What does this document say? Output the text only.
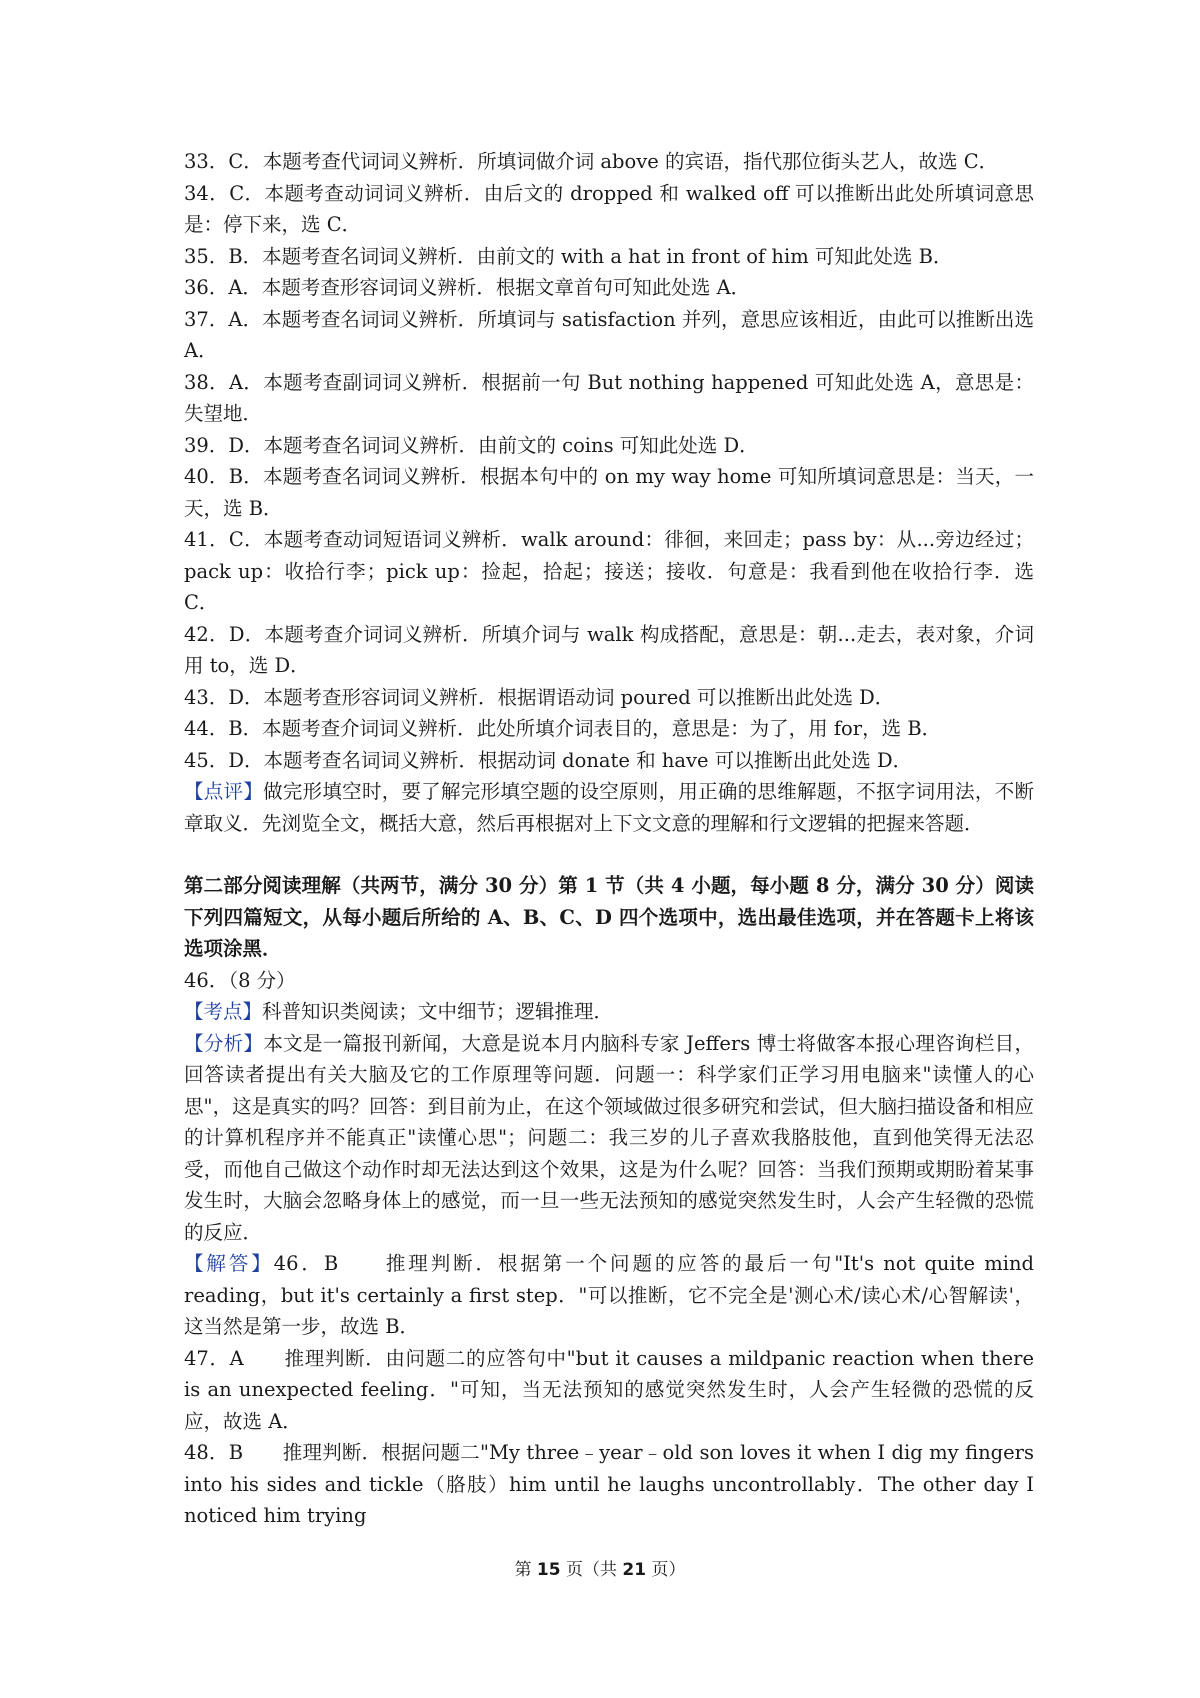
33．C．本题考查代词词义辨析．所填词做介词 above 的宾语，指代那位街头艺人，故选 C．

34．C．本题考查动词词义辨析．由后文的 dropped 和 walked off 可以推断出此处所填词意思是：停下来，选 C．

35．B．本题考查名词词义辨析．由前文的 with a hat in front of him 可知此处选 B．

36．A．本题考查形容词词义辨析．根据文章首句可知此处选 A．

37．A．本题考查名词词义辨析．所填词与 satisfaction 并列，意思应该相近，由此可以推断出选 A．

38．A．本题考查副词词义辨析．根据前一句 But nothing happened 可知此处选 A，意思是：失望地．

39．D．本题考查名词词义辨析．由前文的 coins 可知此处选 D．

40．B．本题考查名词词义辨析．根据本句中的 on my way home 可知所填词意思是：当天，一天，选 B．

41．C．本题考查动词短语词义辨析．walk around：徘徊，来回走；pass by：从...旁边经过；pack up：收拾行李；pick up：捡起，拾起；接送；接收．句意是：我看到他在收拾行李．选 C．

42．D．本题考查介词词义辨析．所填介词与 walk 构成搭配，意思是：朝...走去，表对象，介词用 to，选 D．

43．D．本题考查形容词词义辨析．根据谓语动词 poured 可以推断出此处选 D．

44．B．本题考查介词词义辨析．此处所填介词表目的，意思是：为了，用 for，选 B．

45．D．本题考查名词词义辨析．根据动词 donate 和 have 可以推断出此处选 D．

【点评】做完形填空时，要了解完形填空题的设空原则，用正确的思维解题，不抠字词用法，不断章取义．先浏览全文，概括大意，然后再根据对上下文文意的理解和行文逻辑的把握来答题．

第二部分阅读理解（共两节，满分 30 分）第 1 节（共 4 小题，每小题 8 分，满分 30 分）阅读下列四篇短文，从每小题后所给的 A、B、C、D 四个选项中，选出最佳选项，并在答题卡上将该选项涂黑．

46．（8 分）

【考点】科普知识类阅读；文中细节；逻辑推理．

【分析】本文是一篇报刊新闻，大意是说本月内脑科专家 Jeffers 博士将做客本报心理咨询栏目，回答读者提出有关大脑及它的工作原理等问题．问题一：科学家们正学习用电脑来"读懂人的心思"，这是真实的吗？回答：到目前为止，在这个领域做过很多研究和尝试，但大脑扫描设备和相应的计算机程序并不能真正"读懂心思"；问题二：我三岁的儿子喜欢我胳肢他，直到他笑得无法忍受，而他自己做这个动作时却无法达到这个效果，这是为什么呢？回答：当我们预期或期盼着某事发生时，大脑会忽略身体上的感觉，而一旦一些无法预知的感觉突然发生时，人会产生轻微的恐慌的反应．

【解答】46．B　　推理判断．根据第一个问题的应答的最后一句"It's not quite mind reading，but it's certainly a first step．"可以推断，它不完全是'测心术/读心术/心智解读'，这当然是第一步，故选 B．

47．A　　推理判断．由问题二的应答句中"but it causes a mildpanic reaction when there is an unexpected feeling．"可知，当无法预知的感觉突然发生时，人会产生轻微的恐慌的反应，故选 A．

48．B　　推理判断．根据问题二"My three﹣year﹣old son loves it when I dig my fingers into his sides and tickle（胳肢）him until he laughs uncontrollably．The other day I noticed him trying

第 15 页（共 21 页）
